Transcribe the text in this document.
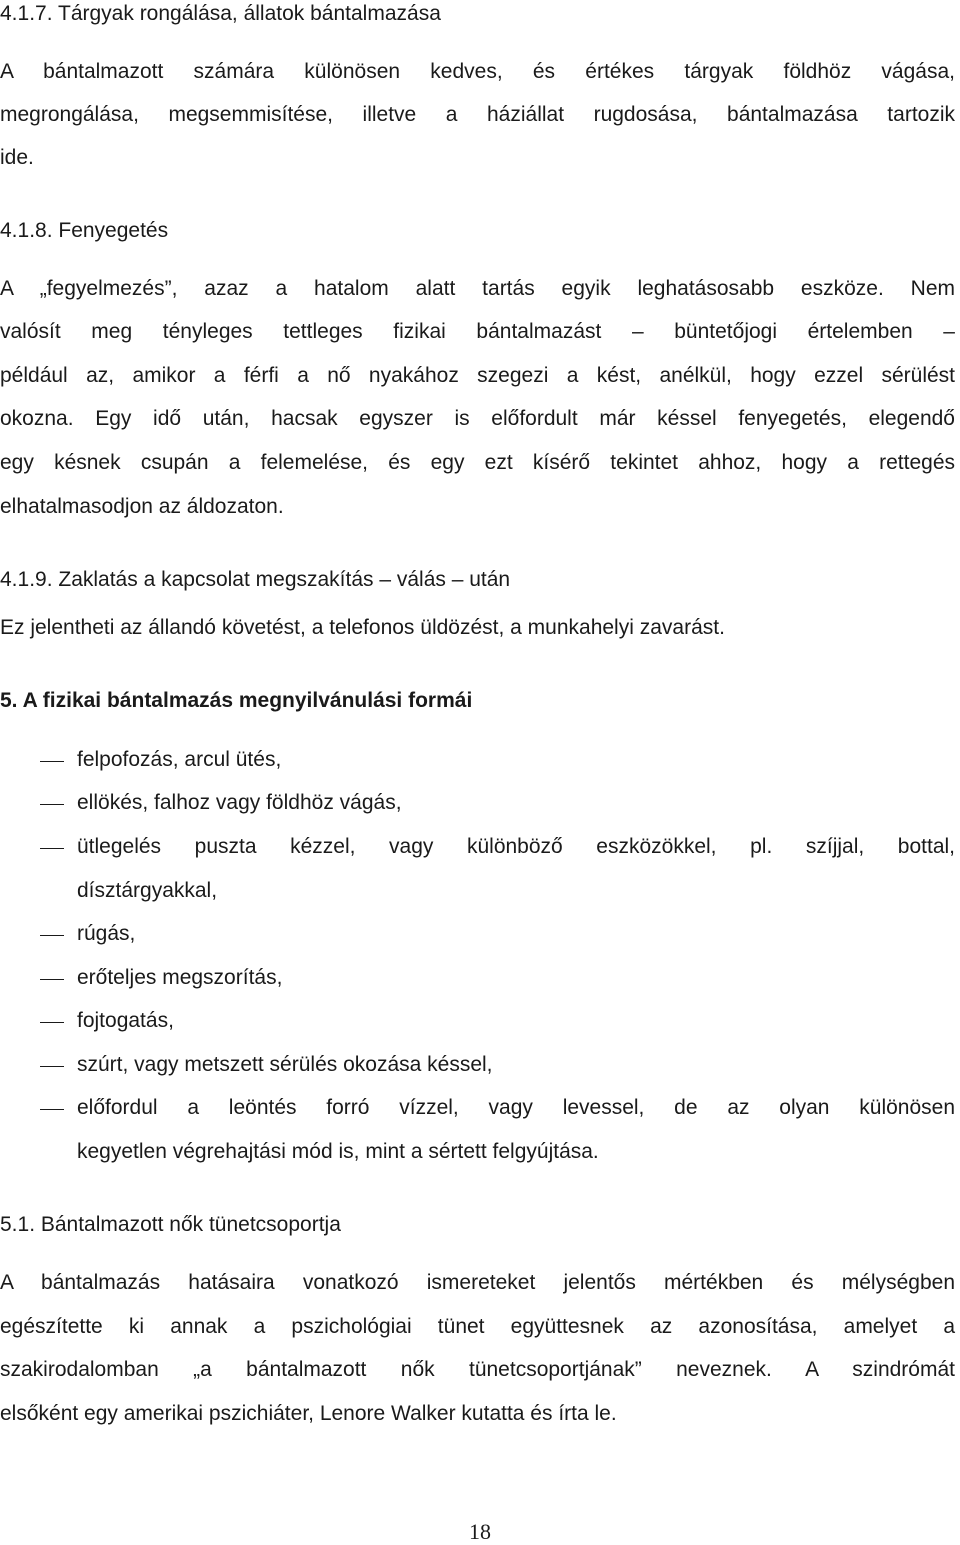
4.1.7. Tárgyak rongálása, állatok bántalmazása
A bántalmazott számára különösen kedves, és értékes tárgyak földhöz vágása,
megrongálása, megsemmisítése, illetve a háziállat rugdosása, bántalmazása tartozik
ide.
4.1.8. Fenyegetés
A „fegyelmezés”, azaz a hatalom alatt tartás egyik leghatásosabb eszköze. Nem
valósít meg tényleges tettleges fizikai bántalmazást – büntetőjogi értelemben –
például az, amikor a férfi a nő nyakához szegezi a kést, anélkül, hogy ezzel sérülést
okozna. Egy idő után, hacsak egyszer is előfordult már késsel fenyegetés, elegendő
egy késnek csupán a felemelése, és egy ezt kísérő tekintet ahhoz, hogy a rettegés
elhatalmasodjon az áldozaton.
4.1.9. Zaklatás a kapcsolat megszakítás – válás – után
Ez jelentheti az állandó követést, a telefonos üldözést, a munkahelyi zavarást.
5. A fizikai bántalmazás megnyilvánulási formái
felpofozás, arcul ütés,
ellökés, falhoz vagy földhöz vágás,
ütlegelés puszta kézzel, vagy különböző eszközökkel, pl. szíjjal, bottal,
dísztárgyakkal,
rúgás,
erőteljes megszorítás,
fojtogatás,
szúrt, vagy metszett sérülés okozása késsel,
előfordul a leöntés forró vízzel, vagy levessel, de az olyan különösen
kegyetlen végrehajtási mód is, mint a sértett felgyújtása.
5.1. Bántalmazott nők tünetcsoportja
A bántalmazás hatásaira vonatkozó ismereteket jelentős mértékben és mélységben
egészítette ki annak a pszichológiai tünet együttesnek az azonosítása, amelyet a
szakirodalomban „a bántalmazott nők tünetcsoportjának” neveznek. A szindrómát
elsőként egy amerikai pszichiáter, Lenore Walker kutatta és írta le.
18
